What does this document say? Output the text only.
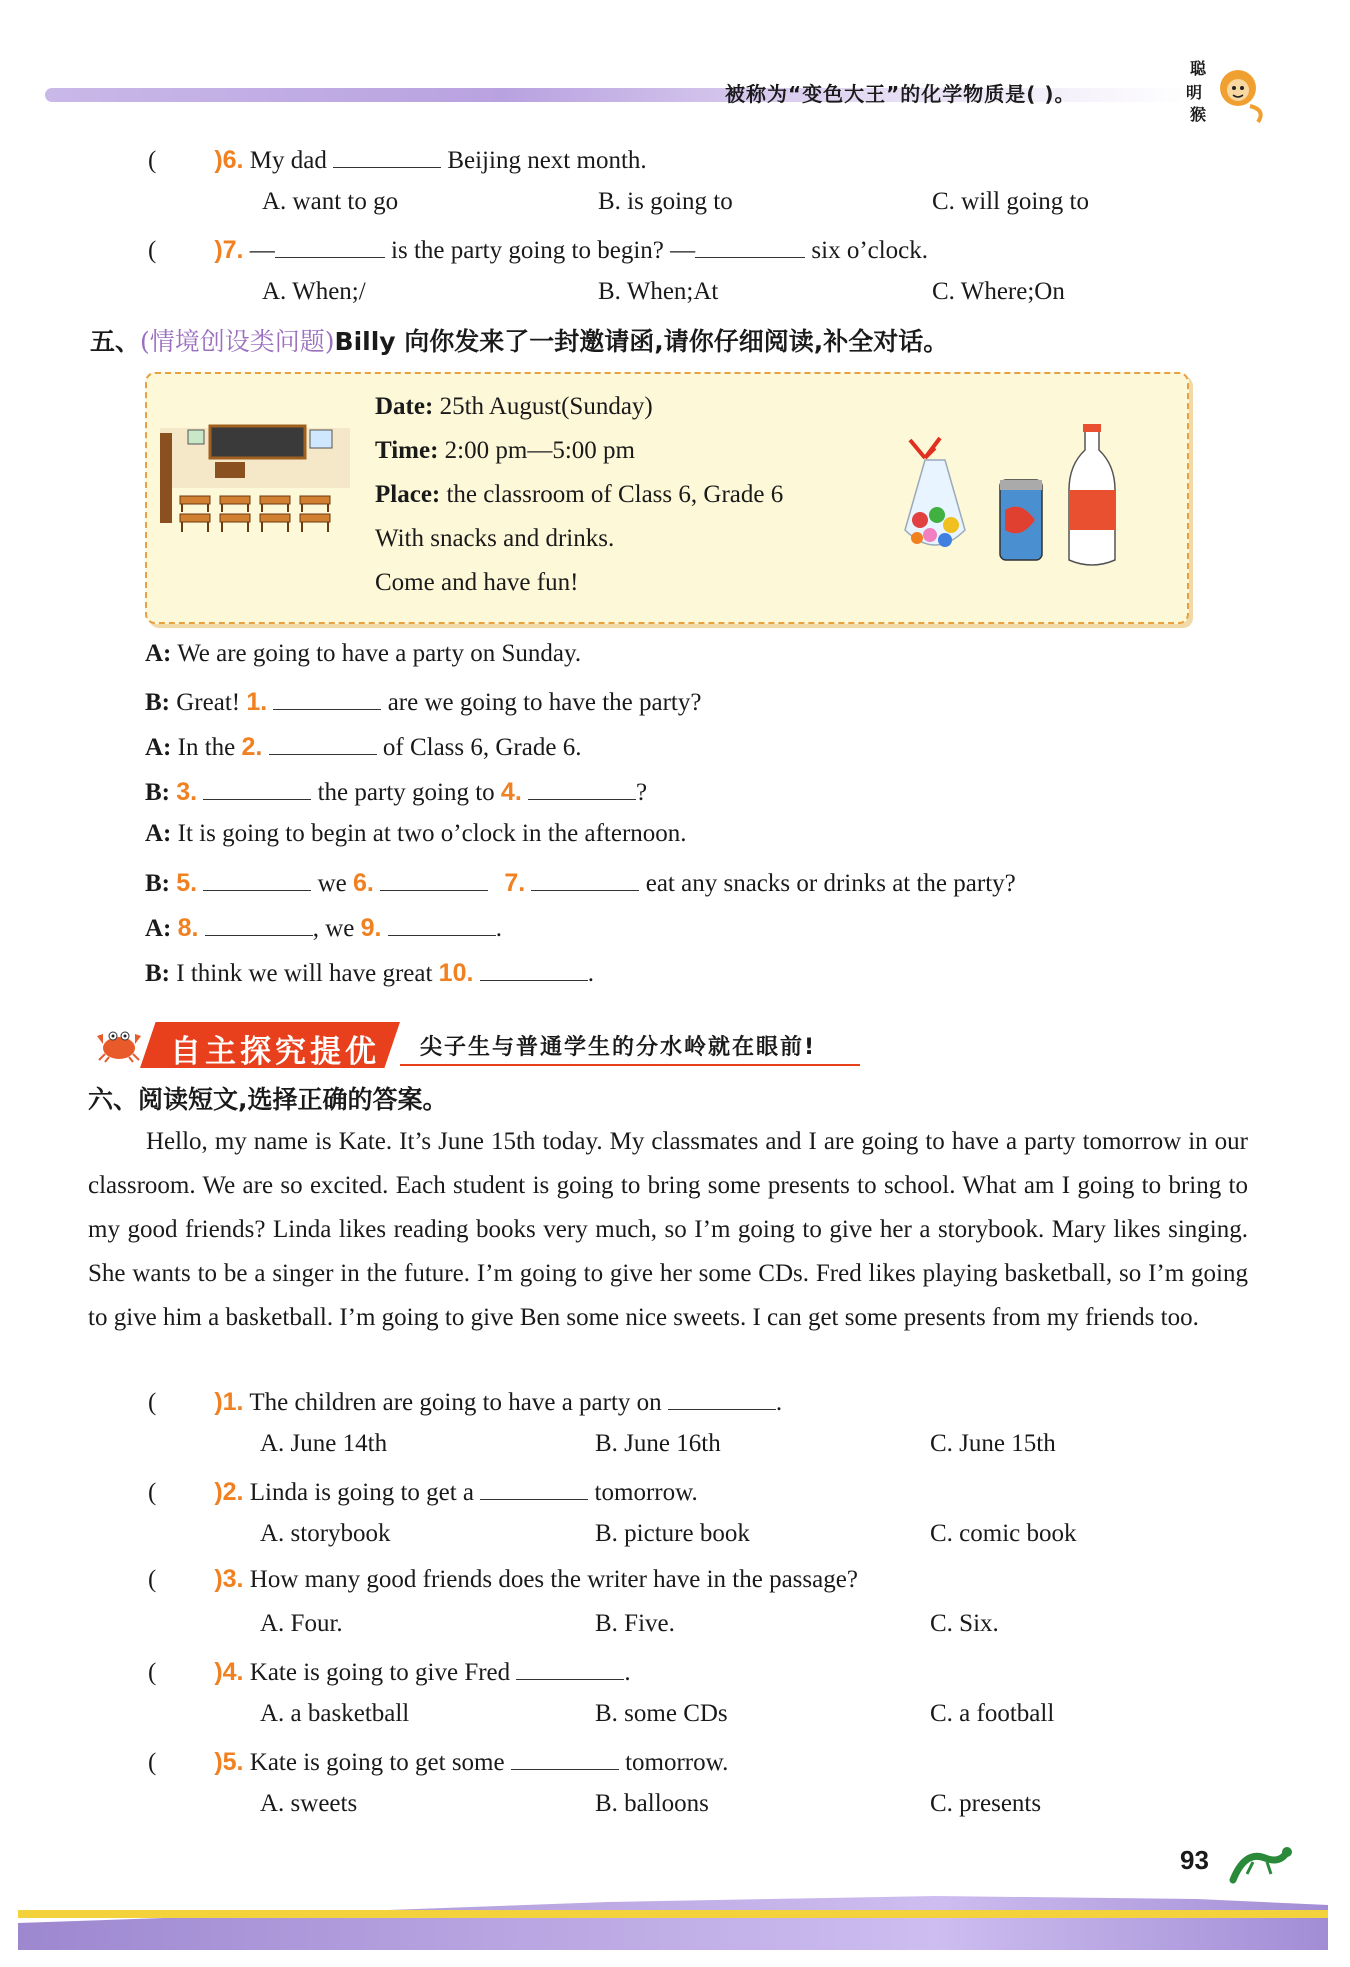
被称为“变色大王”的化学物质是( )。
聪
明
猴
( )6. My dad	Beijing next month.
A. want to go	B. is going to	C. will going to
( )7. —	is the party going to begin? —	six o’clock.
A. When;/	B. When;At	C. Where;On
五、(情境创设类问题)Billy 向你发来了一封邀请函,请你仔细阅读,补全对话。
Date: 25th August(Sunday)
Time: 2:00 pm—5:00 pm
Place: the classroom of Class 6, Grade 6
With snacks and drinks.
Come and have fun!
A: We are going to have a party on Sunday.
B: Great! 1.	are we going to have the party?
A: In the 2.	of Class 6, Grade 6.
B: 3.	the party going to 4.	?
A: It is going to begin at two o’clock in the afternoon.
B: 5.	we 6.	7.	eat any snacks or drinks at the party?
A: 8.	, we 9.	.
B: I think we will have great 10.	.
自主探究提优 尖子生与普通学生的分水岭就在眼前!
六、阅读短文,选择正确的答案。
Hello, my name is Kate. It’s June 15th today. My classmates and I are going to have a party tomorrow in our classroom. We are so excited. Each student is going to bring some presents to school. What am I going to bring to my good friends? Linda likes reading books very much, so I’m going to give her a storybook. Mary likes singing. She wants to be a singer in the future. I’m going to give her some CDs. Fred likes playing basketball, so I’m going to give him a basketball. I’m going to give Ben some nice sweets. I can get some presents from my friends too.
( )1. The children are going to have a party on	.
A. June 14th	B. June 16th	C. June 15th
( )2. Linda is going to get a	tomorrow.
A. storybook	B. picture book	C. comic book
( )3. How many good friends does the writer have in the passage?
A. Four.	B. Five.	C. Six.
( )4. Kate is going to give Fred	.
A. a basketball	B. some CDs	C. a football
( )5. Kate is going to get some	tomorrow.
A. sweets	B. balloons	C. presents
93
